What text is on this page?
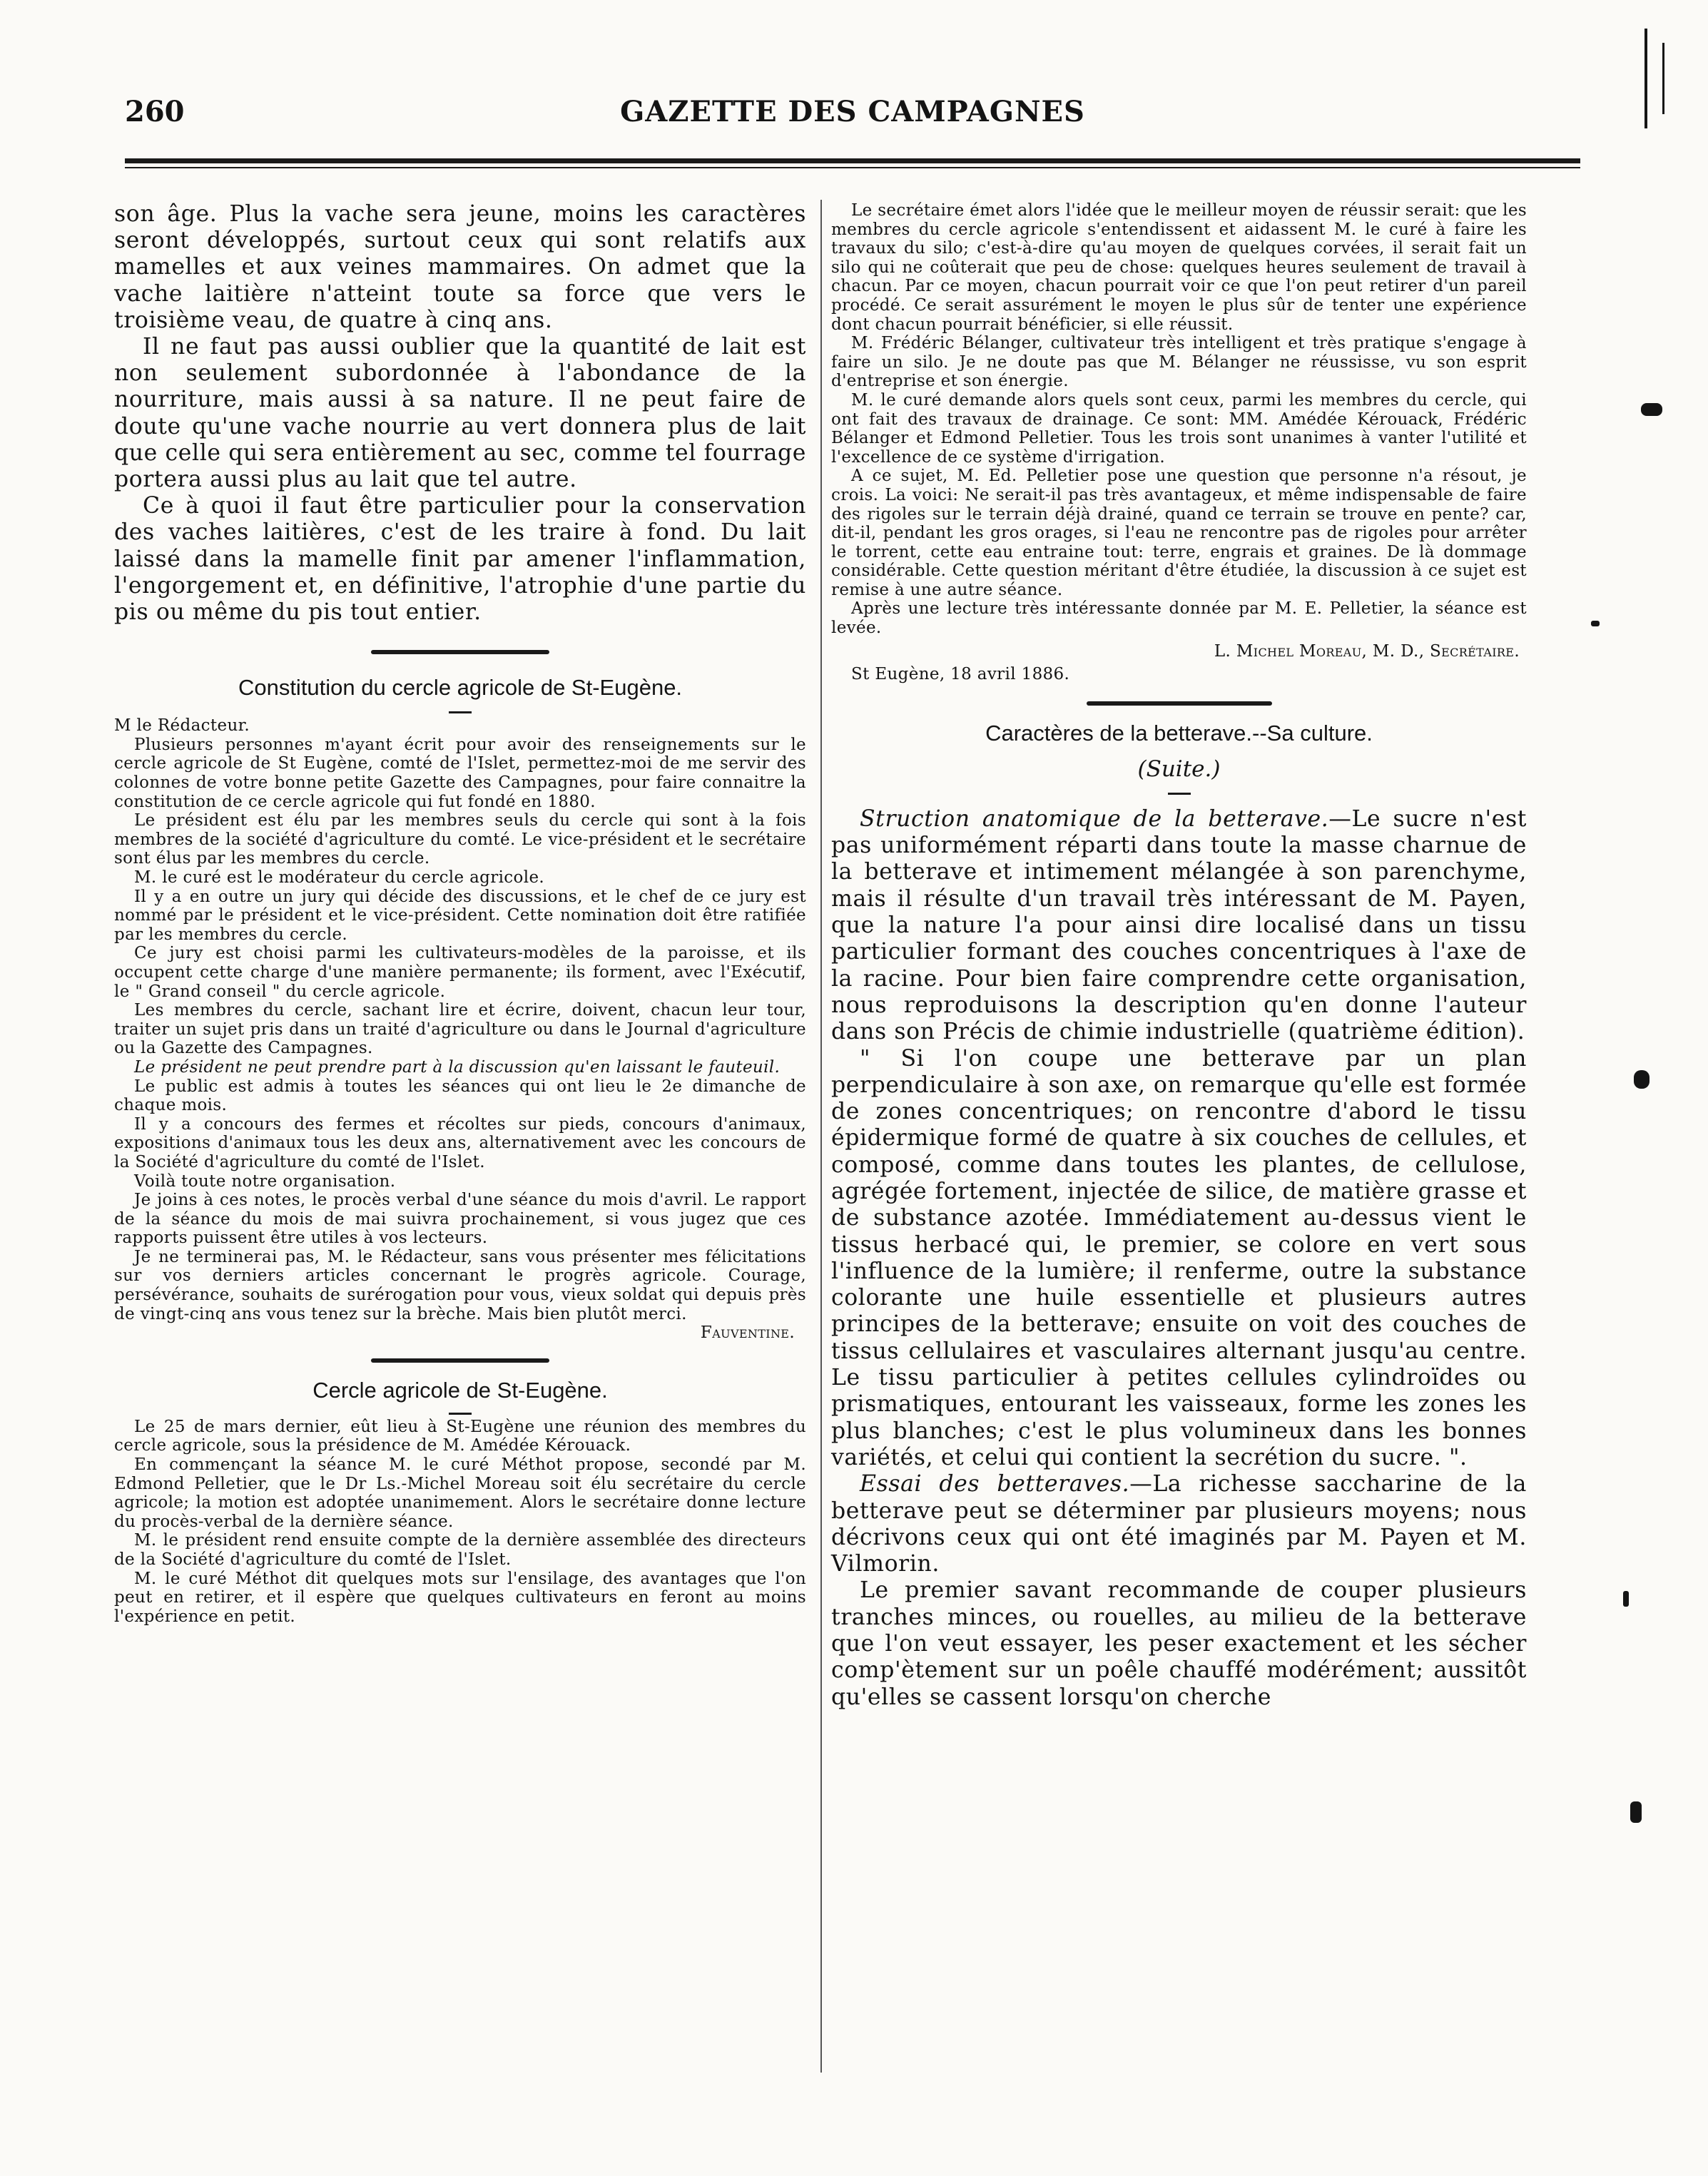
260	GAZETTE DES CAMPAGNES

son âge. Plus la vache sera jeune, moins les caractères seront développés, surtout ceux qui sont relatifs aux mamelles et aux veines mammaires. On admet que la vache laitière n'atteint toute sa force que vers le troisième veau, de quatre à cinq ans.

Il ne faut pas aussi oublier que la quantité de lait est non seulement subordonnée à l'abondance de la nourriture, mais aussi à sa nature. Il ne peut faire de doute qu'une vache nourrie au vert donnera plus de lait que celle qui sera entièrement au sec, comme tel fourrage portera aussi plus au lait que tel autre.

Ce à quoi il faut être particulier pour la conservation des vaches laitières, c'est de les traire à fond. Du lait laissé dans la mamelle finit par amener l'inflammation, l'engorgement et, en définitive, l'atrophie d'une partie du pis ou même du pis tout entier.

Constitution du cercle agricole de St-Eugène.

M le Rédacteur.

Plusieurs personnes m'ayant écrit pour avoir des renseignements sur le cercle agricole de St Eugène, comté de l'Islet, permettez-moi de me servir des colonnes de votre bonne petite Gazette des Campagnes, pour faire connaitre la constitution de ce cercle agricole qui fut fondé en 1880.

Le président est élu par les membres seuls du cercle qui sont à la fois membres de la société d'agriculture du comté. Le vice-président et le secrétaire sont élus par les membres du cercle.

M. le curé est le modérateur du cercle agricole.

Il y a en outre un jury qui décide des discussions, et le chef de ce jury est nommé par le président et le vice-président. Cette nomination doit être ratifiée par les membres du cercle.

Ce jury est choisi parmi les cultivateurs-modèles de la paroisse, et ils occupent cette charge d'une manière permanente; ils forment, avec l'Exécutif, le " Grand conseil " du cercle agricole.

Les membres du cercle, sachant lire et écrire, doivent, chacun leur tour, traiter un sujet pris dans un traité d'agriculture ou dans le Journal d'agriculture ou la Gazette des Campagnes.

Le président ne peut prendre part à la discussion qu'en laissant le fauteuil.

Le public est admis à toutes les séances qui ont lieu le 2e dimanche de chaque mois.

Il y a concours des fermes et récoltes sur pieds, concours d'animaux, expositions d'animaux tous les deux ans, alternativement avec les concours de la Société d'agriculture du comté de l'Islet.

Voilà toute notre organisation.

Je joins à ces notes, le procès verbal d'une séance du mois d'avril. Le rapport de la séance du mois de mai suivra prochainement, si vous jugez que ces rapports puissent être utiles à vos lecteurs.

Je ne terminerai pas, M. le Rédacteur, sans vous présenter mes félicitations sur vos derniers articles concernant le progrès agricole. Courage, persévérance, souhaits de surérogation pour vous, vieux soldat qui depuis près de vingt-cinq ans vous tenez sur la brèche. Mais bien plutôt merci.

Fauventine.

Cercle agricole de St-Eugène.

Le 25 de mars dernier, eût lieu à St-Eugène une réunion des membres du cercle agricole, sous la présidence de M. Amédée Kérouack.

En commençant la séance M. le curé Méthot propose, secondé par M. Edmond Pelletier, que le Dr Ls.-Michel Moreau soit élu secrétaire du cercle agricole; la motion est adoptée unanimement. Alors le secrétaire donne lecture du procès-verbal de la dernière séance.

M. le président rend ensuite compte de la dernière assemblée des directeurs de la Société d'agriculture du comté de l'Islet.

M. le curé Méthot dit quelques mots sur l'ensilage, des avantages que l'on peut en retirer, et il espère que quelques cultivateurs en feront au moins l'expérience en petit.

Le secrétaire émet alors l'idée que le meilleur moyen de réussir serait: que les membres du cercle agricole s'entendissent et aidassent M. le curé à faire les travaux du silo; c'est-à-dire qu'au moyen de quelques corvées, il serait fait un silo qui ne coûterait que peu de chose: quelques heures seulement de travail à chacun. Par ce moyen, chacun pourrait voir ce que l'on peut retirer d'un pareil procédé. Ce serait assurément le moyen le plus sûr de tenter une expérience dont chacun pourrait bénéficier, si elle réussit.

M. Frédéric Bélanger, cultivateur très intelligent et très pratique s'engage à faire un silo. Je ne doute pas que M. Bélanger ne réussisse, vu son esprit d'entreprise et son énergie.

M. le curé demande alors quels sont ceux, parmi les membres du cercle, qui ont fait des travaux de drainage. Ce sont: MM. Amédée Kérouack, Frédéric Bélanger et Edmond Pelletier. Tous les trois sont unanimes à vanter l'utilité et l'excellence de ce système d'irrigation.

A ce sujet, M. Ed. Pelletier pose une question que personne n'a résout, je crois. La voici: Ne serait-il pas très avantageux, et même indispensable de faire des rigoles sur le terrain déjà drainé, quand ce terrain se trouve en pente? car, dit-il, pendant les gros orages, si l'eau ne rencontre pas de rigoles pour arrêter le torrent, cette eau entraine tout: terre, engrais et graines. De là dommage considérable. Cette question méritant d'être étudiée, la discussion à ce sujet est remise à une autre séance.

Après une lecture très intéressante donnée par M. E. Pelletier, la séance est levée.

L. Michel Moreau, M. D., Secrétaire.

St Eugène, 18 avril 1886.

Caractères de la betterave.--Sa culture.

(Suite.)

Struction anatomique de la betterave.—Le sucre n'est pas uniformément réparti dans toute la masse charnue de la betterave et intimement mélangée à son parenchyme, mais il résulte d'un travail très intéressant de M. Payen, que la nature l'a pour ainsi dire localisé dans un tissu particulier formant des couches concentriques à l'axe de la racine. Pour bien faire comprendre cette organisation, nous reproduisons la description qu'en donne l'auteur dans son Précis de chimie industrielle (quatrième édition).

" Si l'on coupe une betterave par un plan perpendiculaire à son axe, on remarque qu'elle est formée de zones concentriques; on rencontre d'abord le tissu épidermique formé de quatre à six couches de cellules, et composé, comme dans toutes les plantes, de cellulose, agrégée fortement, injectée de silice, de matière grasse et de substance azotée. Immédiatement au-dessus vient le tissus herbacé qui, le premier, se colore en vert sous l'influence de la lumière; il renferme, outre la substance colorante une huile essentielle et plusieurs autres principes de la betterave; ensuite on voit des couches de tissus cellulaires et vasculaires alternant jusqu'au centre. Le tissu particulier à petites cellules cylindroïdes ou prismatiques, entourant les vaisseaux, forme les zones les plus blanches; c'est le plus volumineux dans les bonnes variétés, et celui qui contient la secrétion du sucre. ".

Essai des betteraves.—La richesse saccharine de la betterave peut se déterminer par plusieurs moyens; nous décrivons ceux qui ont été imaginés par M. Payen et M. Vilmorin.

Le premier savant recommande de couper plusieurs tranches minces, ou rouelles, au milieu de la betterave que l'on veut essayer, les peser exactement et les sécher comp'ètement sur un poêle chauffé modérément; aussitôt qu'elles se cassent lorsqu'on cherche
